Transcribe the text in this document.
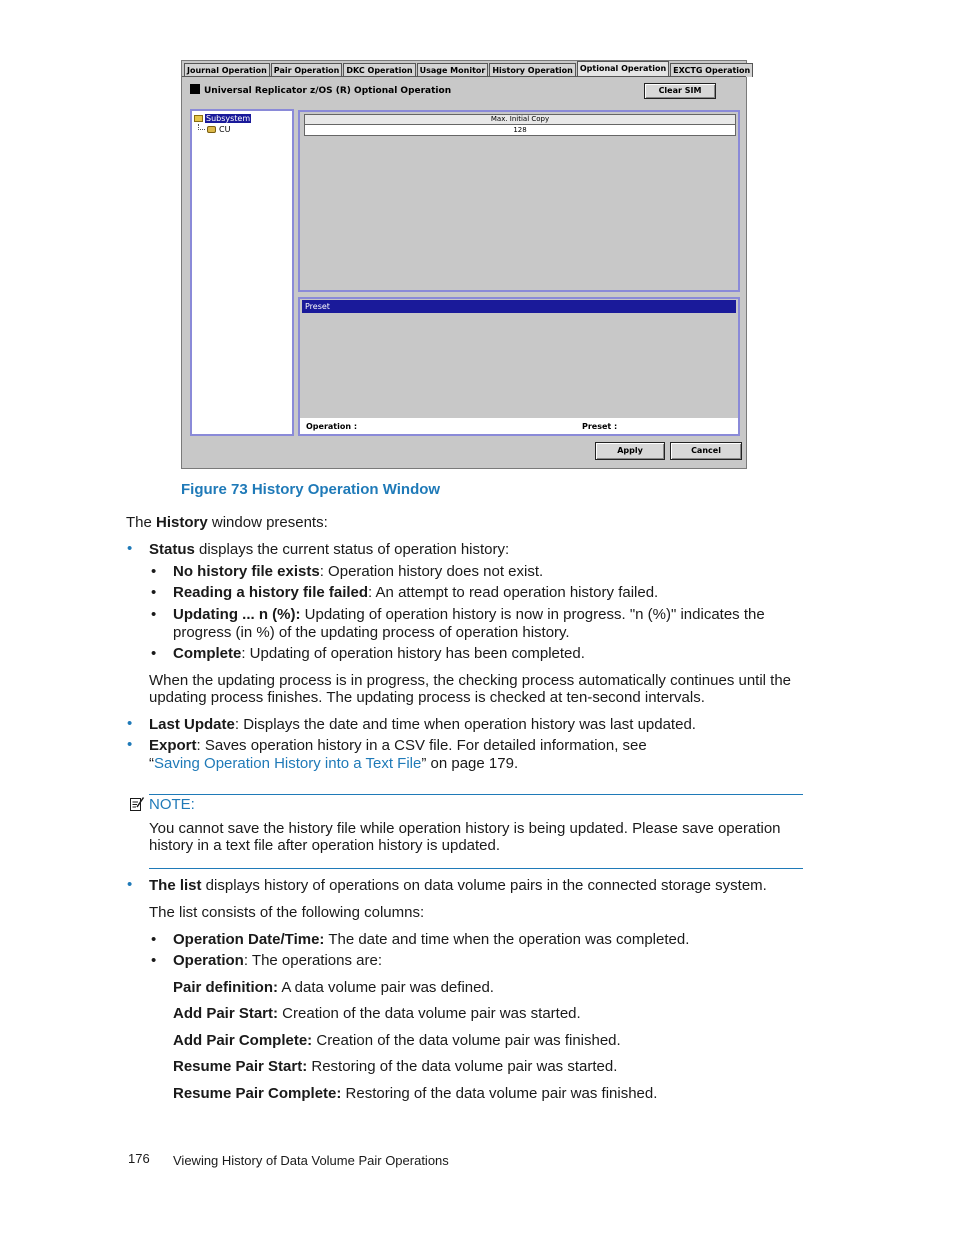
Journal Operation Pair Operation DKC Operation Usage Monitor History Operation Optional Operation EXCTG Operation
Universal Replicator z/OS (R) Optional Operation	Clear SIM
Subsystem
CU
Max. Initial Copy
128
Preset
Operation :	Preset :
Apply	Cancel
Figure 73 History Operation Window
The History window presents:
• Status displays the current status of operation history:
• No history file exists: Operation history does not exist.
• Reading a history file failed: An attempt to read operation history failed.
• Updating ... n (%): Updating of operation history is now in progress. "n (%)" indicates the
progress (in %) of the updating process of operation history.
• Complete: Updating of operation history has been completed.
When the updating process is in progress, the checking process automatically continues until the
updating process finishes. The updating process is checked at ten-second intervals.
• Last Update: Displays the date and time when operation history was last updated.
• Export: Saves operation history in a CSV file. For detailed information, see
“Saving Operation History into a Text File” on page 179.
NOTE:
You cannot save the history file while operation history is being updated. Please save operation
history in a text file after operation history is updated.
• The list displays history of operations on data volume pairs in the connected storage system.
The list consists of the following columns:
• Operation Date/Time: The date and time when the operation was completed.
• Operation: The operations are:
Pair definition: A data volume pair was defined.
Add Pair Start: Creation of the data volume pair was started.
Add Pair Complete: Creation of the data volume pair was finished.
Resume Pair Start: Restoring of the data volume pair was started.
Resume Pair Complete: Restoring of the data volume pair was finished.
176 Viewing History of Data Volume Pair Operations
